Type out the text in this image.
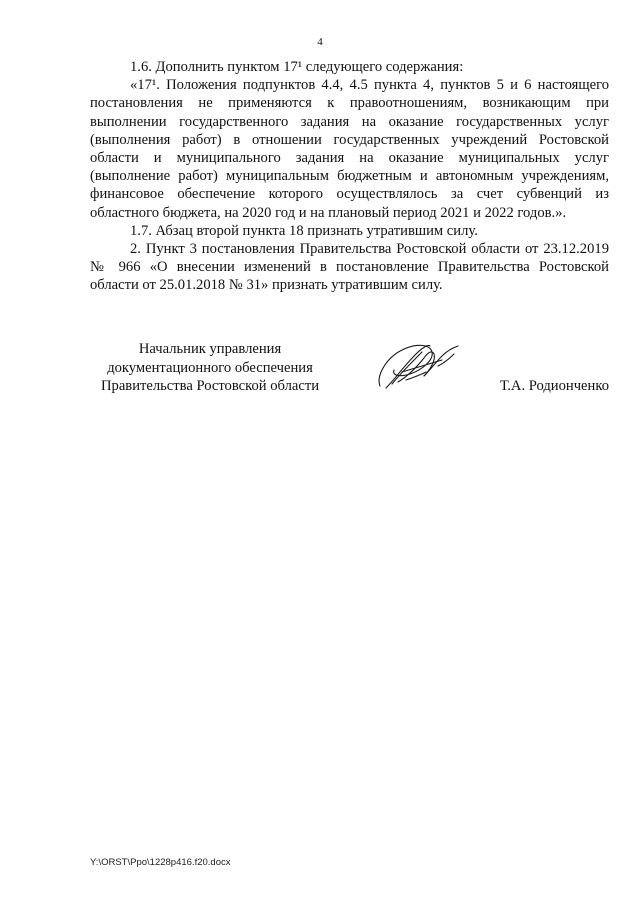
4

1.6. Дополнить пунктом 17¹ следующего содержания:

«17¹. Положения подпунктов 4.4, 4.5 пункта 4, пунктов 5 и 6 настоящего постановления не применяются к правоотношениям, возникающим при выполнении государственного задания на оказание государственных услуг (выполнения работ) в отношении государственных учреждений Ростовской области и муниципального задания на оказание муниципальных услуг (выполнение работ) муниципальным бюджетным и автономным учреждениям, финансовое обеспечение которого осуществлялось за счет субвенций из областного бюджета, на 2020 год и на плановый период 2021 и 2022 годов.».

1.7. Абзац второй пункта 18 признать утратившим силу.

2. Пункт 3 постановления Правительства Ростовской области от 23.12.2019 № 966 «О внесении изменений в постановление Правительства Ростовской области от 25.01.2018 № 31» признать утратившим силу.

Начальник управления
документационного обеспечения
Правительства Ростовской области	Т.А. Родионченко
Y:\ORST\Ppo\1228p416.f20.docx
